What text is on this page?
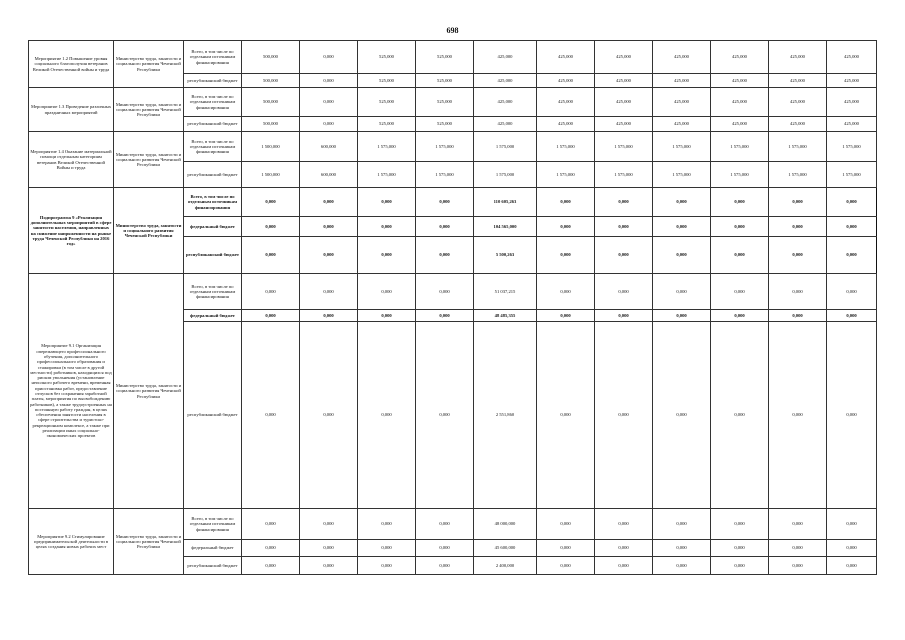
698
Мероприятие 1.2 Повышение уровня социального благополучия ветеранов Великой Отечественной войны и труда	Министерство труда, занятости и социального развития Чеченской Республики	Всего, в том числе по отдельным источникам финансирования	500,000	0,000	525,000	525,000	425,000	425,000	425,000	425,000	425,000	425,000	425,000
		республиканский бюджет	500,000	0,000	525,000	525,000	425,000	425,000	425,000	425,000	425,000	425,000	425,000
Мероприятие 1.3 Проведение различных праздничных мероприятий	Министерство труда, занятости и социального развития Чеченской Республики	Всего, в том числе по отдельным источникам финансирования	500,000	0,000	525,000	525,000	425,000	425,000	425,000	425,000	425,000	425,000	425,000
		республиканский бюджет	500,000	0,000	525,000	525,000	425,000	425,000	425,000	425,000	425,000	425,000	425,000
Мероприятие 1.4 Оказание материальной помощи отдельным категориям ветеранов Великой Отечественной Войны и труда	Министерство труда, занятости и социального развития Чеченской Республики	Всего, в том числе по отдельным источникам финансирования	1 500,000	600,000	1 575,000	1 575,000	1 575,000	1 575,000	1 575,000	1 575,000	1 575,000	1 575,000	1 575,000
		республиканский бюджет	1 500,000	600,000	1 575,000	1 575,000	1 575,000	1 575,000	1 575,000	1 575,000	1 575,000	1 575,000	1 575,000
Подпрограмма 9 «Реализация дополнительных мероприятий в сфере занятости населения, направленных на снижение напряженности на рынке труда Чеченской Республики на 2016 год»	Министерство труда, занятости и социального развития Чеченской Республики	Всего, в том числе по отдельным источникам финансирования	0,000	0,000	0,000	0,000	110 605,263	0,000	0,000	0,000	0,000	0,000	0,000
		федеральный бюджет	0,000	0,000	0,000	0,000	104 565,000	0,000	0,000	0,000	0,000	0,000	0,000
		республиканский бюджет	0,000	0,000	0,000	0,000	5 500,263	0,000	0,000	0,000	0,000	0,000	0,000
Мероприятие 9.1 Организация опережающего профессионального обучения, дополнительного профессионального образования и стажировки (в том числе в другой местности) работников, находящихся под риском увольнения (установление неполного рабочего времени, временная приостановка работ, предоставление отпусков без сохранения заработной платы, мероприятия по высвобождению работников), а также трудоустроенных на постоянную работу граждан, в целях обеспечения занятости населения в сфере строительства и туристско-рекреационном комплексе, а также при реализации иных социально-экономических проектов	Министерство труда, занятости и социального развития Чеченской Республики	Всего, в том числе по отдельным источникам финансирования	0,000	0,000	0,000	0,000	51 037,215	0,000	0,000	0,000	0,000	0,000	0,000
		федеральный бюджет	0,000	0,000	0,000	0,000	48 485,355	0,000	0,000	0,000	0,000	0,000	0,000
		республиканский бюджет	0,000	0,000	0,000	0,000	2 551,860	0,000	0,000	0,000	0,000	0,000	0,000
Мероприятие 9.2 Стимулирование предпринимательской деятельности в целях создания новых рабочих мест	Министерство труда, занятости и социального развития Чеченской Республики	Всего, в том числе по отдельным источникам финансирования	0,000	0,000	0,000	0,000	48 000,000	0,000	0,000	0,000	0,000	0,000	0,000
		федеральный бюджет	0,000	0,000	0,000	0,000	45 600,000	0,000	0,000	0,000	0,000	0,000	0,000
		республиканский бюджет	0,000	0,000	0,000	0,000	2 400,000	0,000	0,000	0,000	0,000	0,000	0,000
